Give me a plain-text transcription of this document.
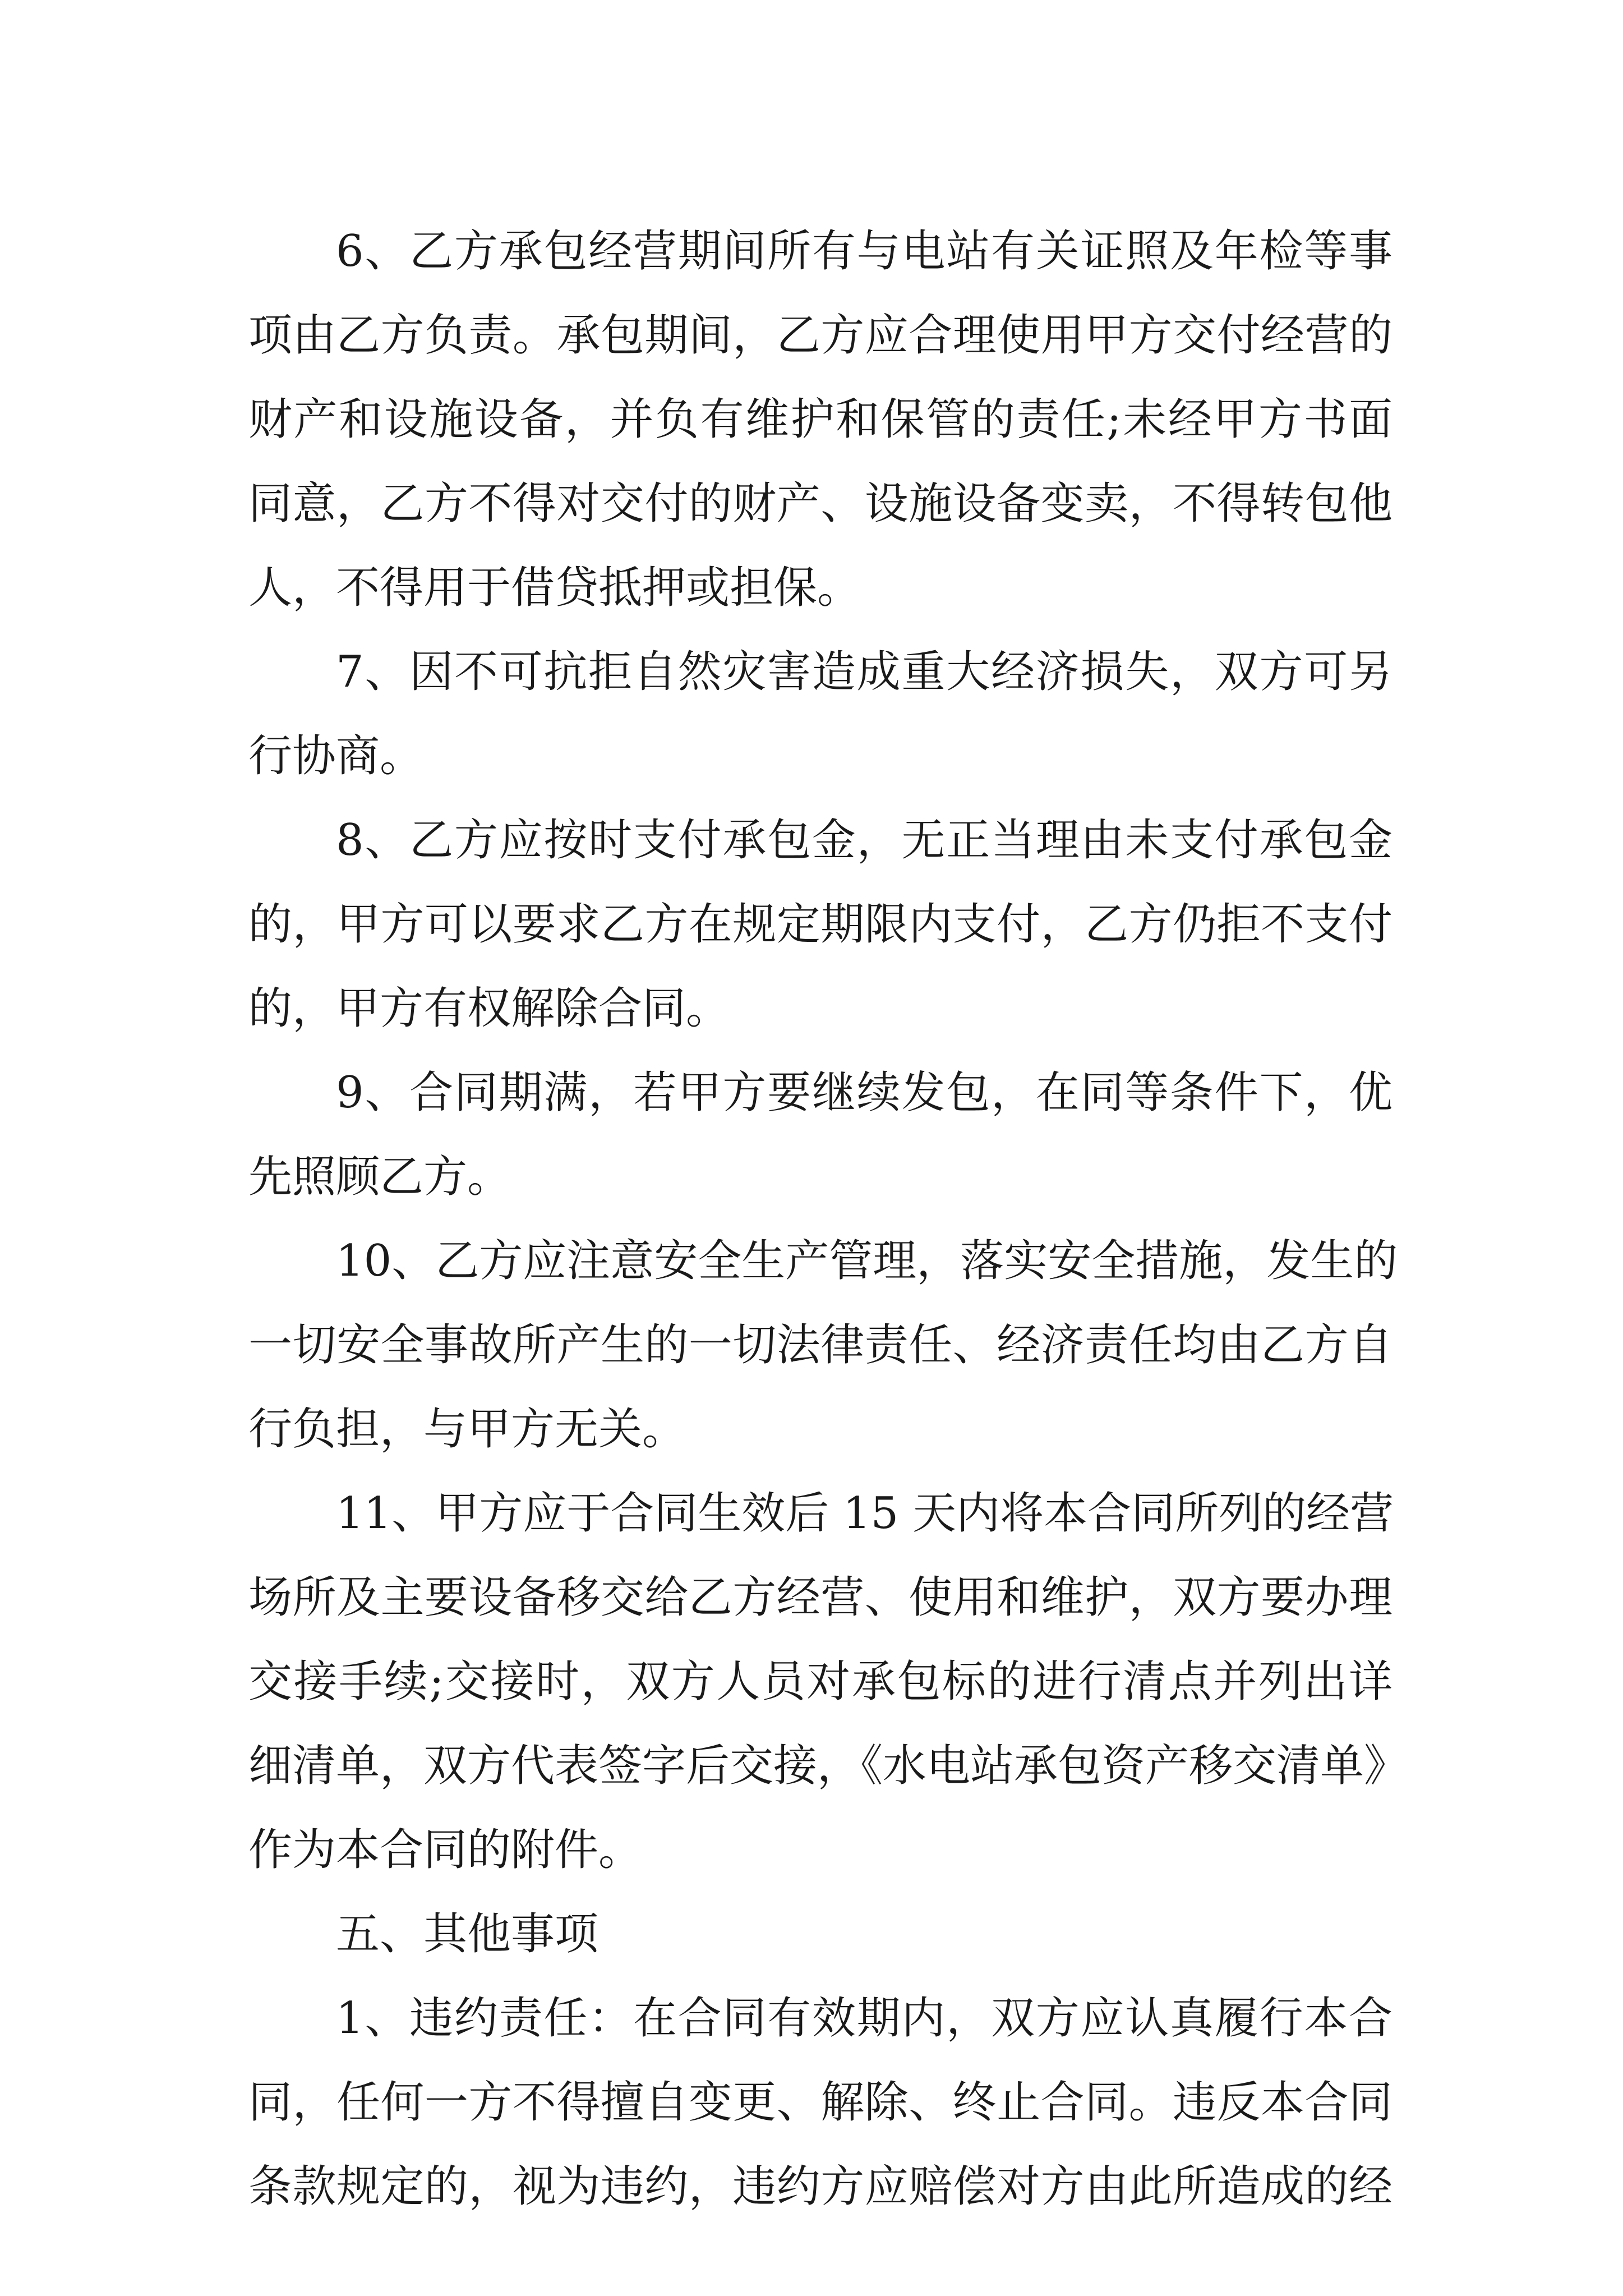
6、乙方承包经营期间所有与电站有关证照及年检等事
项由乙方负责。承包期间，乙方应合理使用甲方交付经营的
财产和设施设备，并负有维护和保管的责任;未经甲方书面
同意，乙方不得对交付的财产、设施设备变卖，不得转包他
人，不得用于借贷抵押或担保。
7、因不可抗拒自然灾害造成重大经济损失，双方可另
行协商。
8、乙方应按时支付承包金，无正当理由未支付承包金
的，甲方可以要求乙方在规定期限内支付，乙方仍拒不支付
的，甲方有权解除合同。
9、合同期满，若甲方要继续发包，在同等条件下，优
先照顾乙方。
10、乙方应注意安全生产管理，落实安全措施，发生的
一切安全事故所产生的一切法律责任、经济责任均由乙方自
行负担，与甲方无关。
11、甲方应于合同生效后 15 天内将本合同所列的经营
场所及主要设备移交给乙方经营、使用和维护，双方要办理
交接手续;交接时，双方人员对承包标的进行清点并列出详
细清单，双方代表签字后交接，《水电站承包资产移交清单》
作为本合同的附件。
五、其他事项
1、违约责任：在合同有效期内，双方应认真履行本合
同，任何一方不得擅自变更、解除、终止合同。违反本合同
条款规定的，视为违约，违约方应赔偿对方由此所造成的经
